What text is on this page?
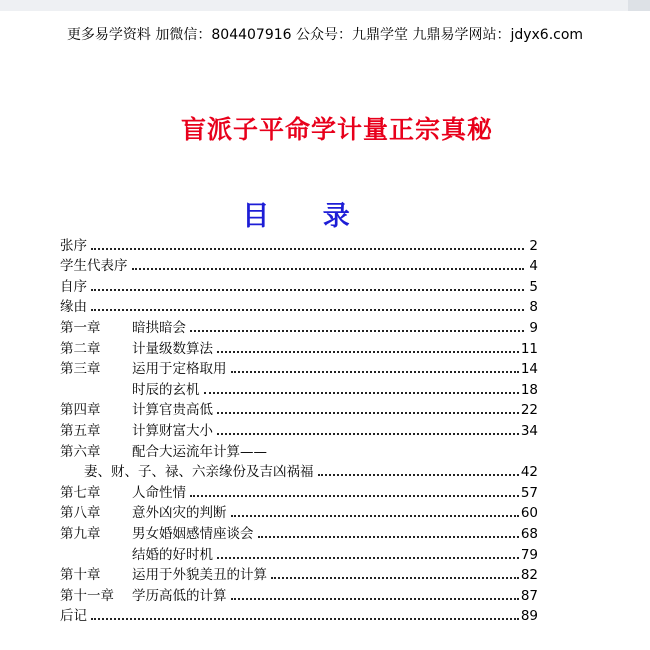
更多易学资料 加微信：804407916 公众号：九鼎学堂 九鼎易学网站：jdyx6.com
盲派子平命学计量正宗真秘
目 录
张序	2
学生代表序	4
自序	5
缘由	8
第一章	暗拱暗会	9
第二章	计量级数算法	11
第三章	运用于定格取用	14
时辰的玄机	18
第四章	计算官贵高低	22
第五章	计算财富大小	34
第六章	配合大运流年计算——
妻、财、子、禄、六亲缘份及吉凶祸福	42
第七章	人命性情	57
第八章	意外凶灾的判断	60
第九章	男女婚姻感情座谈会	68
结婚的好时机	79
第十章	运用于外貌美丑的计算	82
第十一章	学历高低的计算	87
后记	89
